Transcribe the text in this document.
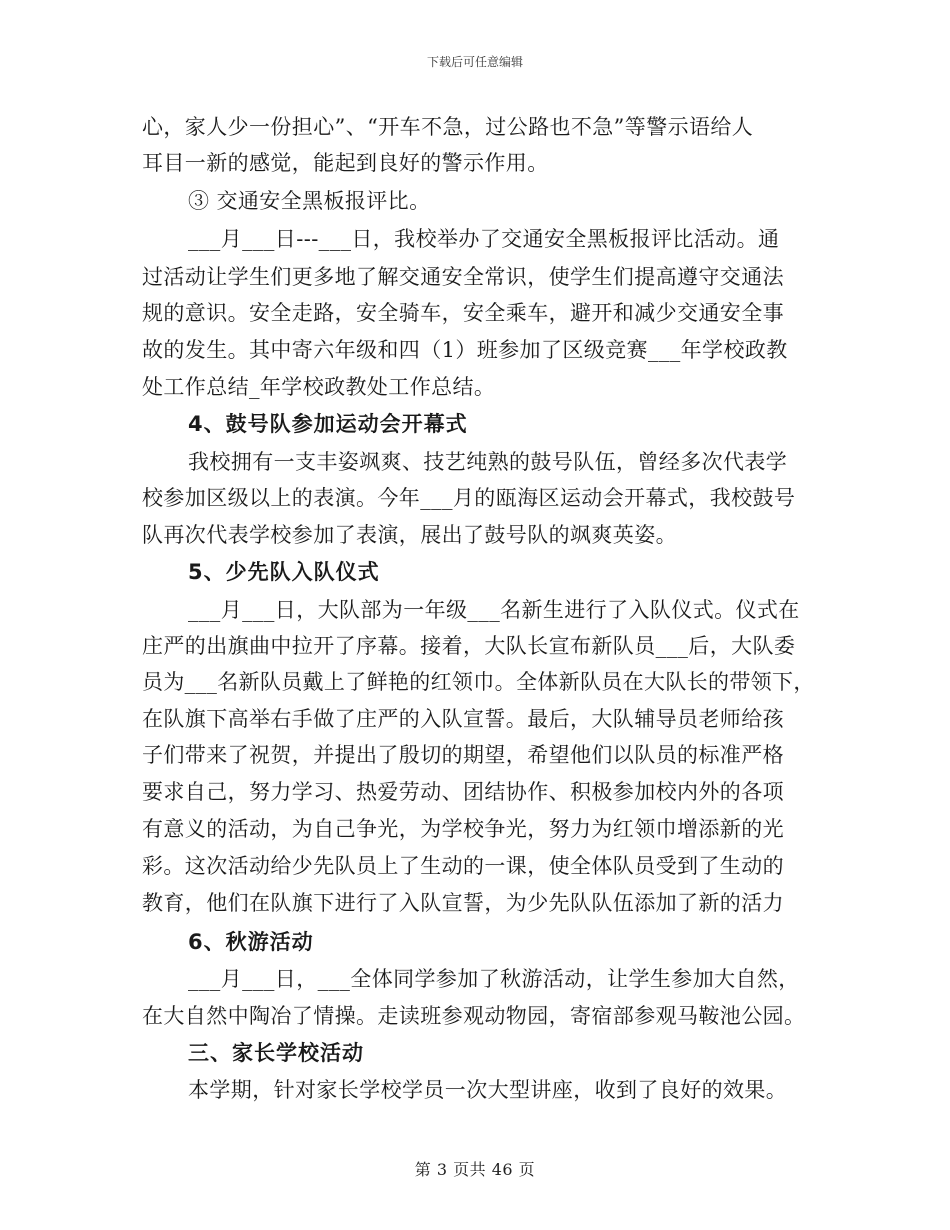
下载后可任意编辑
心，家人少一份担心”、“开车不急，过公路也不急”等警示语给人
耳目一新的感觉，能起到良好的警示作用。
③ 交通安全黑板报评比。
___月___日---___日，我校举办了交通安全黑板报评比活动。通
过活动让学生们更多地了解交通安全常识，使学生们提高遵守交通法
规的意识。安全走路，安全骑车，安全乘车，避开和减少交通安全事
故的发生。其中寄六年级和四（1）班参加了区级竞赛___年学校政教
处工作总结_年学校政教处工作总结。
4、鼓号队参加运动会开幕式
我校拥有一支丰姿飒爽、技艺纯熟的鼓号队伍，曾经多次代表学
校参加区级以上的表演。今年___月的瓯海区运动会开幕式，我校鼓号
队再次代表学校参加了表演，展出了鼓号队的飒爽英姿。
5、少先队入队仪式
___月___日，大队部为一年级___名新生进行了入队仪式。仪式在
庄严的出旗曲中拉开了序幕。接着，大队长宣布新队员___后，大队委
员为___名新队员戴上了鲜艳的红领巾。全体新队员在大队长的带领下，
在队旗下高举右手做了庄严的入队宣誓。最后，大队辅导员老师给孩
子们带来了祝贺，并提出了殷切的期望，希望他们以队员的标准严格
要求自己，努力学习、热爱劳动、团结协作、积极参加校内外的各项
有意义的活动，为自己争光，为学校争光，努力为红领巾增添新的光
彩。这次活动给少先队员上了生动的一课，使全体队员受到了生动的
教育，他们在队旗下进行了入队宣誓，为少先队队伍添加了新的活力
6、秋游活动
___月___日，___全体同学参加了秋游活动，让学生参加大自然，
在大自然中陶冶了情操。走读班参观动物园，寄宿部参观马鞍池公园。
三、家长学校活动
本学期，针对家长学校学员一次大型讲座，收到了良好的效果。
第 3 页共 46 页
